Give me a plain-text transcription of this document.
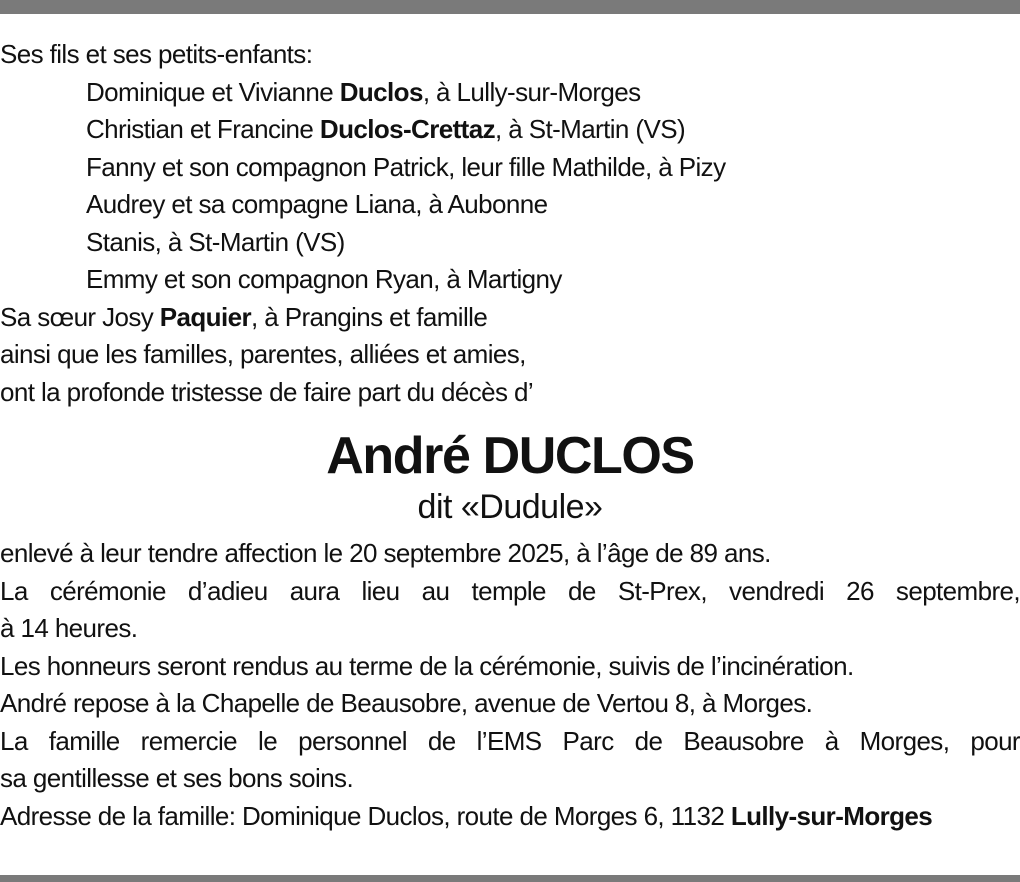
Ses fils et ses petits-enfants:
Dominique et Vivianne Duclos, à Lully-sur-Morges
Christian et Francine Duclos-Crettaz, à St-Martin (VS)
Fanny et son compagnon Patrick, leur fille Mathilde, à Pizy
Audrey et sa compagne Liana, à Aubonne
Stanis, à St-Martin (VS)
Emmy et son compagnon Ryan, à Martigny
Sa sœur Josy Paquier, à Prangins et famille
ainsi que les familles, parentes, alliées et amies,
ont la profonde tristesse de faire part du décès d’
André DUCLOS
dit «Dudule»
enlevé à leur tendre affection le 20 septembre 2025, à l’âge de 89 ans.
La cérémonie d’adieu aura lieu au temple de St-Prex, vendredi 26 septembre,
à 14 heures.
Les honneurs seront rendus au terme de la cérémonie, suivis de l’incinération.
André repose à la Chapelle de Beausobre, avenue de Vertou 8, à Morges.
La famille remercie le personnel de l’EMS Parc de Beausobre à Morges, pour
sa gentillesse et ses bons soins.
Adresse de la famille: Dominique Duclos, route de Morges 6, 1132 Lully-sur-Morges
